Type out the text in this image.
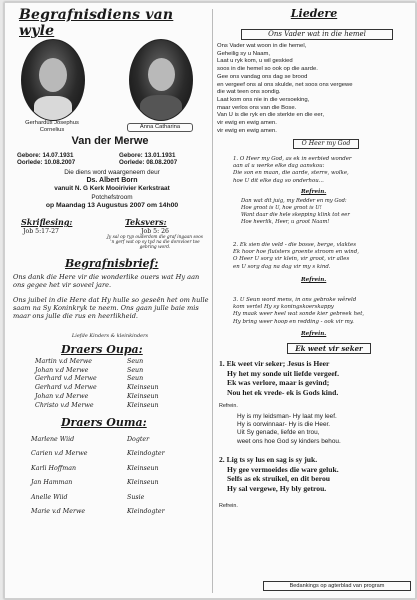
Begrafnisdiens van wyle
Gerhardus Josephus Cornelius	Anna Catharina
Van der Merwe
Gebore: 14.07.1931
Oorlede: 10.08.2007
Gebore: 13.01.1931
Oorlede: 08.08.2007
Die diens word waargeneem deur
Ds. Albert Born
vanuit N. G Kerk Mooirivier Kerkstraat
Potchefstroom
op Maandag 13 Augustus 2007 om 14h00
Skriflesing:
Job 5:17-27
Teksvers:
Job 5: 26
Jy sal op ryp ouderdom die graf ingaan soos 'n gerf wat op sy tyd na die dorsvloer toe gebring word.
Begrafnisbrief:
Ons dank die Here vir die wonderlike ouers wat Hy aan ons gegee het vir soveel jare.
Ons juibel in die Here dat Hy hulle so geseën het om hulle saam na Sy Koninkryk te neem. Ons gaan julle baie mis maar ons julle die rus en heerlikheid.
Liefde Kinders & kleinkinders
Draers Oupa:
Martin v.d Merwe	Seun
Johan v.d Merwe	Seun
Gerhard v.d Merwe	Seun
Gerhard v.d Merwe	Kleinseun
Johan v.d Merwe	Kleinseun
Christo v.d Merwe	Kleinseun
Draers Ouma:
Marlene Wiid	Dogter
Carien v.d Merwe	Kleindogter
Karli Hoffman	Kleinseun
Jan Hamman	Kleinseun
Anelle Wiid	Susie
Marie v.d Merwe	Kleindogter
Liedere
Ons Vader wat in die hemel

Ons Vader wat woon in die hemel,

Geheilig sy u Naam,

Laat u ryk kom, u wil geskied

soos in die hemel so ook op die aarde.

Gee ons vandag ons dag se brood

en vergeef ons al ons skulde, net soos ons vergewe

die wat teen ons sondig.

Laat kom ons nie in die versoeking,

maar verlos ons van die Bose.

Van U is die ryk en die sterkte en die eer,

vir ewig en ewig amen.

vir ewig en ewig amen.

O Heer my God

1. O Heer my God, as ek in eerbied wonder

aan al u werke elke dag aanskou:

Die son en maan, die aarde, sterre, wolke,

hoe U dit elke dag so onderhou...

Refrein.

Dan wat dit juig, my Redder en my God:

Hoe groot is U, hoe groot is U!

Want daar die hele skepping klink tot eer

Hoe heerlik, Heer, u groot Naam!

2. Ek sien die veld - die bosse, berge, vlaktes

Ek hoor hoe fluisters groente stroom en wind,

O Heer U sorg vir klein, vir groot, vir alles

en U sorg dag na dag vir my s kind.

Refrein.

3. U Seun word mens, in ons gebroke wêreld

kom vertel Hy sy koningskoerskappy

Hy maak weer heel wat sonde kier gebreek het,

Hy bring weer hoop en redding - ook vir my.

Refrein.
Ek weet vir seker

1. Ek weet vir seker; Jesus is Heer

Hy het my sonde uit liefde vergeef.

Ek was verlore, maar is gevind;

Nou het ek vrede- ek is Gods kind.

Refrein.

Hy is my leidsman- Hy laat my leef.

Hy is oorwinnaar- Hy is die Heer.

Uit Sy genade, liefde en trou,

weet ons hoe God sy kinders behou.

2. Lig ts sy lus en sag is sy juk.

Hy gee vermoeides die ware geluk.

Selfs as ek struikel, en dit berou

Hy sal vergewe, Hy bly getrou.

Refrein.
Bedankings op agterblad van program
